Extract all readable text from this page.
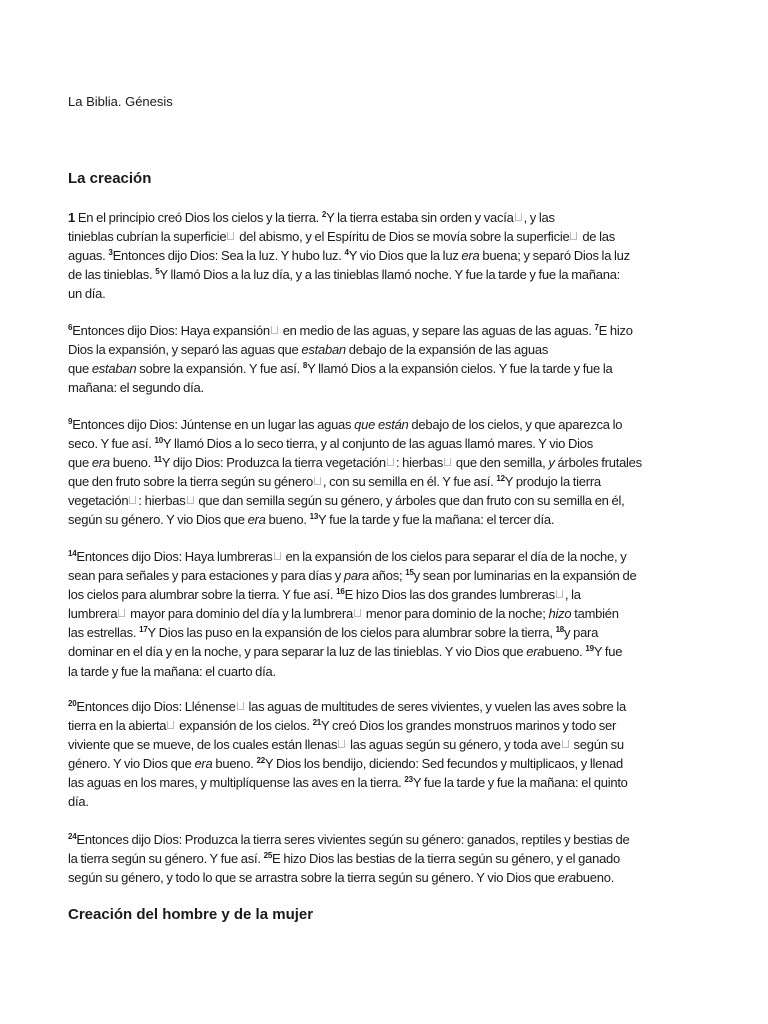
La Biblia. Génesis
La creación
1 En el principio creó Dios los cielos y la tierra. $^2$Y la tierra estaba sin orden y vacía , y las
tinieblas cubrían la superficie del abismo, y el Espíritu de Dios se movía sobre la superficie de las
aguas. $^3$Entonces dijo Dios: Sea la luz. Y hubo luz. $^4$Y vio Dios que la luz era buena; y separó Dios la luz
de las tinieblas. $^5$Y llamó Dios a la luz día, y a las tinieblas llamó noche. Y fue la tarde y fue la mañana:
un día.
$^6$Entonces dijo Dios: Haya expansión en medio de las aguas, y separe las aguas de las aguas. $^7$E hizo
Dios la expansión, y separó las aguas que estaban debajo de la expansión de las aguas
que estaban sobre la expansión. Y fue así. $^8$Y llamó Dios a la expansión cielos. Y fue la tarde y fue la
mañana: el segundo día.
$^9$Entonces dijo Dios: Júntense en un lugar las aguas que están debajo de los cielos, y que aparezca lo
seco. Y fue así. $^{10}$Y llamó Dios a lo seco tierra, y al conjunto de las aguas llamó mares. Y vio Dios
que era bueno. $^{11}$Y dijo Dios: Produzca la tierra vegetación : hierbas que den semilla, y árboles frutales
que den fruto sobre la tierra según su género , con su semilla en él. Y fue así. $^{12}$Y produjo la tierra
vegetación : hierbas que dan semilla según su género, y árboles que dan fruto con su semilla en él,
según su género. Y vio Dios que era bueno. $^{13}$Y fue la tarde y fue la mañana: el tercer día.
$^{14}$Entonces dijo Dios: Haya lumbreras en la expansión de los cielos para separar el día de la noche, y
sean para señales y para estaciones y para días y para años; $^{15}$y sean por luminarias en la expansión de
los cielos para alumbrar sobre la tierra. Y fue así. $^{16}$E hizo Dios las dos grandes lumbreras , la
lumbrera mayor para dominio del día y la lumbrera menor para dominio de la noche; hizo también
las estrellas. $^{17}$Y Dios las puso en la expansión de los cielos para alumbrar sobre la tierra, $^{18}$y para
dominar en el día y en la noche, y para separar la luz de las tinieblas. Y vio Dios que erabueno. $^{19}$Y fue
la tarde y fue la mañana: el cuarto día.
$^{20}$Entonces dijo Dios: Llénense las aguas de multitudes de seres vivientes, y vuelen las aves sobre la
tierra en la abierta expansión de los cielos. $^{21}$Y creó Dios los grandes monstruos marinos y todo ser
viviente que se mueve, de los cuales están llenas las aguas según su género, y toda ave según su
género. Y vio Dios que era bueno. $^{22}$Y Dios los bendijo, diciendo: Sed fecundos y multiplicaos, y llenad
las aguas en los mares, y multiplíquense las aves en la tierra. $^{23}$Y fue la tarde y fue la mañana: el quinto
día.
$^{24}$Entonces dijo Dios: Produzca la tierra seres vivientes según su género: ganados, reptiles y bestias de
la tierra según su género. Y fue así. $^{25}$E hizo Dios las bestias de la tierra según su género, y el ganado
según su género, y todo lo que se arrastra sobre la tierra según su género. Y vio Dios que erabueno.
Creación del hombre y de la mujer
